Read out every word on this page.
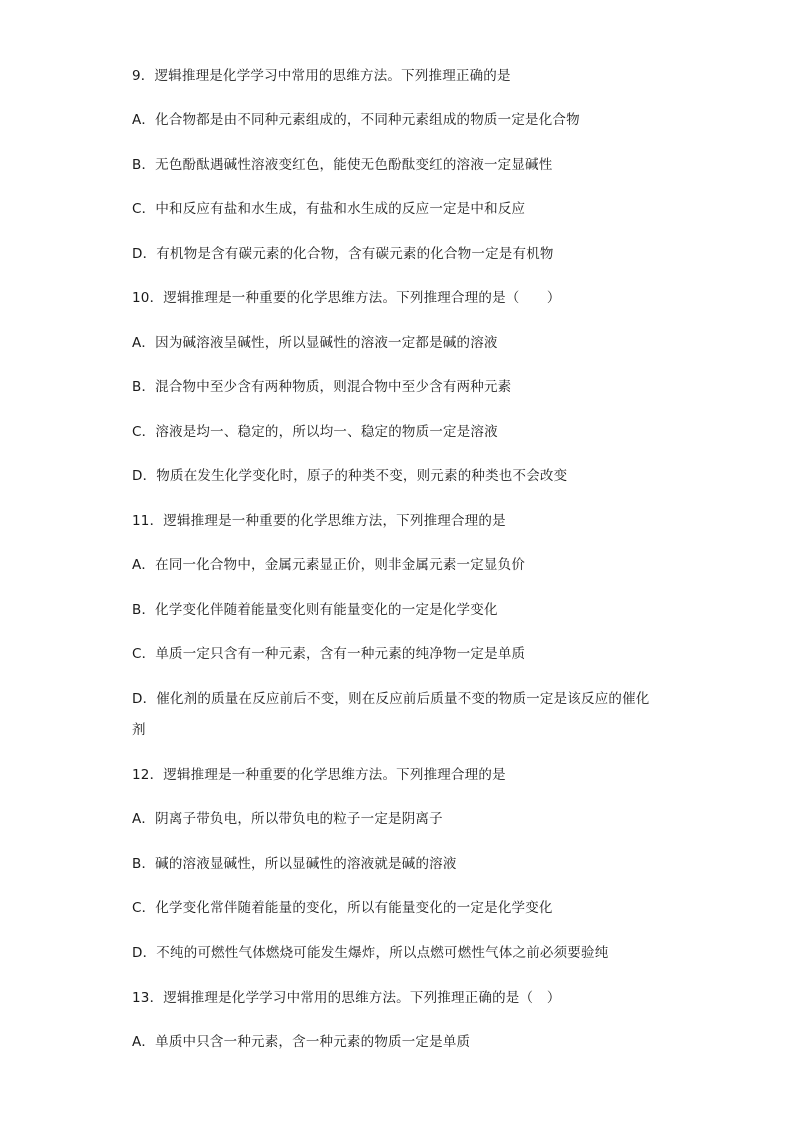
9．逻辑推理是化学学习中常用的思维方法。下列推理正确的是
A．化合物都是由不同种元素组成的，不同种元素组成的物质一定是化合物
B．无色酚酞遇碱性溶液变红色，能使无色酚酞变红的溶液一定显碱性
C．中和反应有盐和水生成，有盐和水生成的反应一定是中和反应
D．有机物是含有碳元素的化合物，含有碳元素的化合物一定是有机物
10．逻辑推理是一种重要的化学思维方法。下列推理合理的是（　　）
A．因为碱溶液呈碱性，所以显碱性的溶液一定都是碱的溶液
B．混合物中至少含有两种物质，则混合物中至少含有两种元素
C．溶液是均一、稳定的，所以均一、稳定的物质一定是溶液
D．物质在发生化学变化时，原子的种类不变，则元素的种类也不会改变
11．逻辑推理是一种重要的化学思维方法，下列推理合理的是
A．在同一化合物中，金属元素显正价，则非金属元素一定显负价
B．化学变化伴随着能量变化则有能量变化的一定是化学变化
C．单质一定只含有一种元素，含有一种元素的纯净物一定是单质
D．催化剂的质量在反应前后不变，则在反应前后质量不变的物质一定是该反应的催化
剂
12．逻辑推理是一种重要的化学思维方法。下列推理合理的是
A．阴离子带负电，所以带负电的粒子一定是阴离子
B．碱的溶液显碱性，所以显碱性的溶液就是碱的溶液
C．化学变化常伴随着能量的变化，所以有能量变化的一定是化学变化
D．不纯的可燃性气体燃烧可能发生爆炸，所以点燃可燃性气体之前必须要验纯
13．逻辑推理是化学学习中常用的思维方法。下列推理正确的是（　）
A．单质中只含一种元素，含一种元素的物质一定是单质
